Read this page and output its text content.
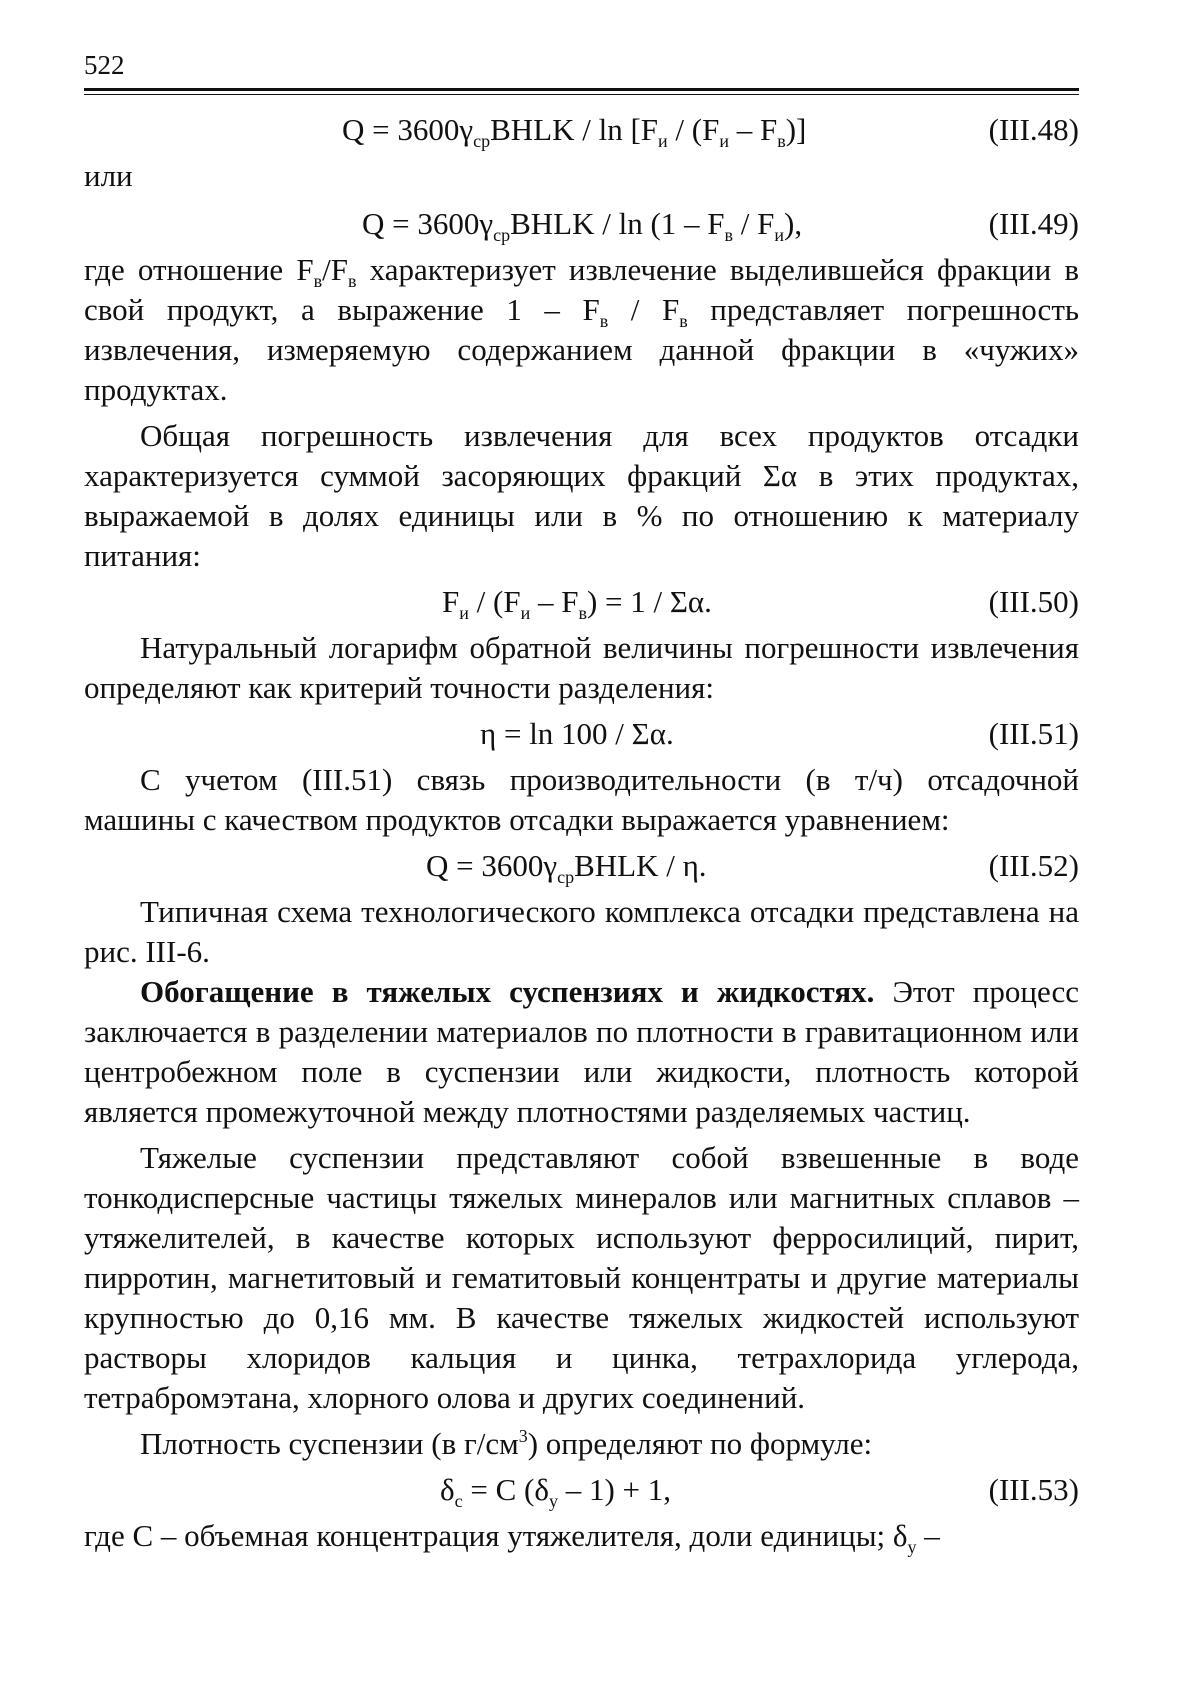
522
$Q = 3600\gamma_{ср}BHLK / \ln [F_и / (F_и - F_в)]$	(III.48)
или
$Q = 3600\gamma_{ср}BHLK / \ln (1 - F_в / F_и)$,	(III.49)

где отношение $F_в/F_в$ характеризует извлечение выделившейся фракции в свой продукт, а выражение $1 - F_в / F_в$ представляет погрешность извлечения, измеряемую содержанием данной фракции в «чужих» продуктах.

Общая погрешность извлечения для всех продуктов отсадки характеризуется суммой засоряющих фракций Σα в этих продуктах, выражаемой в долях единицы или в % по отношению к материалу питания:

$F_и / (F_и - F_в) = 1 / \Sigma\alpha$.	(III.50)

Натуральный логарифм обратной величины погрешности извлечения определяют как критерий точности разделения:

η = ln 100 / Σα.	(III.51)

С учетом (III.51) связь производительности (в т/ч) отсадочной машины с качеством продуктов отсадки выражается уравнением:

$Q = 3600\gamma_{ср}BHLK / \eta$.	(III.52)

Типичная схема технологического комплекса отсадки представлена на рис. III-6.

Обогащение в тяжелых суспензиях и жидкостях. Этот процесс заключается в разделении материалов по плотности в гравитационном или центробежном поле в суспензии или жидкости, плотность которой является промежуточной между плотностями разделяемых частиц.

Тяжелые суспензии представляют собой взвешенные в воде тонкодисперсные частицы тяжелых минералов или магнитных сплавов – утяжелителей, в качестве которых используют ферросилиций, пирит, пирротин, магнетитовый и гематитовый концентраты и другие материалы крупностью до 0,16 мм. В качестве тяжелых жидкостей используют растворы хлоридов кальция и цинка, тетрахлорида углерода, тетрабромэтана, хлорного олова и других соединений.

Плотность суспензии (в $г/см^3$) определяют по формуле:

$\delta_с = C$ $(\delta_у - 1) + 1$,	(III.53)

где C – объемная концентрация утяжелителя, доли единицы; $\delta_у$ –
